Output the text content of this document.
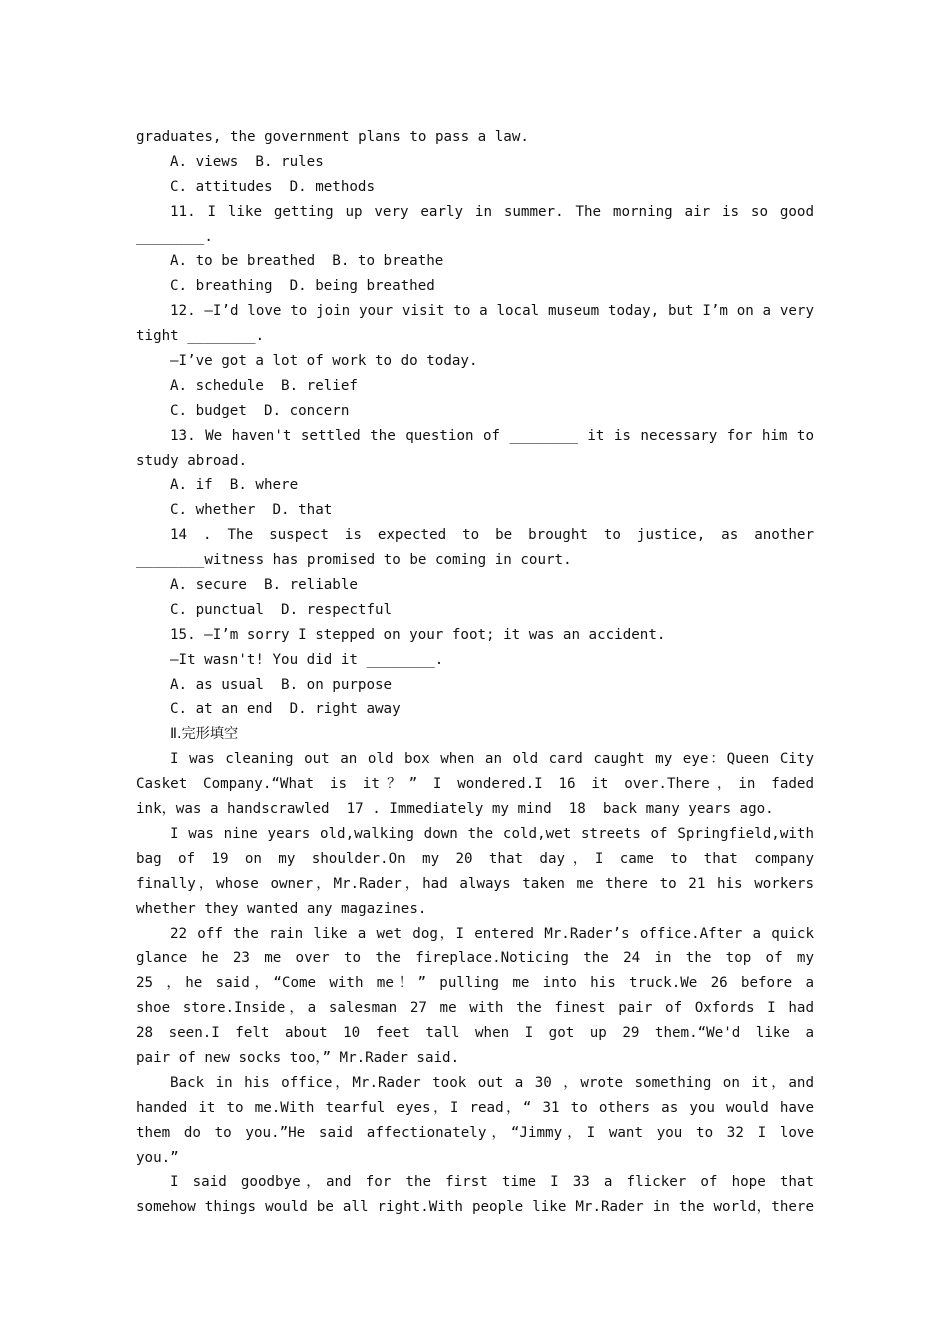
graduates, the government plans to pass a law.
A. views  B. rules
C. attitudes  D. methods
11. I like getting up very early in summer. The morning air is so good
________.
A. to be breathed  B. to breathe
C. breathing  D. being breathed
12. —I’d love to join your visit to a local museum today, but I’m on a very
tight ________.
—I’ve got a lot of work to do today.
A. schedule  B. relief
C. budget  D. concern
13. We haven't settled the question of ________ it is necessary for him to
study abroad.
A. if  B. where
C. whether  D. that
14 . The suspect is expected to be brought to justice, as another
________witness has promised to be coming in court.
A. secure  B. reliable
C. punctual  D. respectful
15. —I’m sorry I stepped on your foot; it was an accident.
—It wasn't! You did it ________.
A. as usual  B. on purpose
C. at an end  D. right away
Ⅱ.完形填空
I was cleaning out an old box when an old card caught my eye：Queen City
Casket Company.“What is it？” I wondered.I 16 it over.There，in faded
ink，was a handscrawled  17 . Immediately my mind  18  back many years ago.
I was nine years old,walking down the cold,wet streets of Springfield,with
bag of 19 on my shoulder.On my 20 that day，I came to that company
finally，whose owner，Mr.Rader，had always taken me there to 21 his workers
whether they wanted any magazines.
22 off the rain like a wet dog，I entered Mr.Rader’s office.After a quick
glance he 23 me over to the fireplace.Noticing the 24 in the top of my
25 ，he said，“Come with me！” pulling me into his truck.We 26 before a
shoe store.Inside，a salesman 27 me with the finest pair of Oxfords I had
28 seen.I felt about 10 feet tall when I got up 29 them.“We'd like a
pair of new socks too，” Mr.Rader said.
Back in his office，Mr.Rader took out a 30 ，wrote something on it，and
handed it to me.With tearful eyes，I read，“ 31 to others as you would have
them do to you.”He said affectionately，“Jimmy，I want you to 32 I love
you.”
I said goodbye，and for the first time I 33 a flicker of hope that
somehow things would be all right.With people like Mr.Rader in the world，there
